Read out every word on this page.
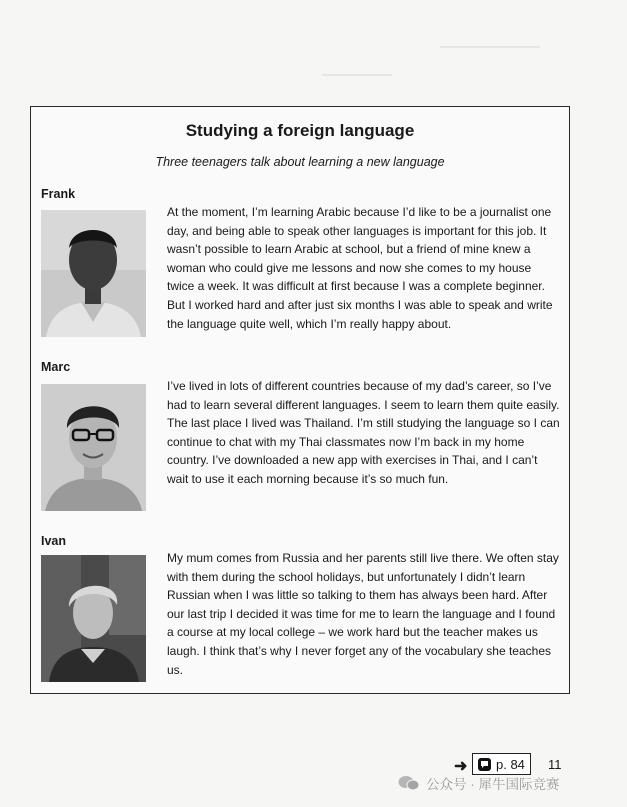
Studying a foreign language
Three teenagers talk about learning a new language
Frank

At the moment, I’m learning Arabic because I’d like to be a journalist one day, and being able to speak other languages is important for this job. It wasn’t possible to learn Arabic at school, but a friend of mine knew a woman who could give me lessons and now she comes to my house twice a week. It was difficult at first because I was a complete beginner. But I worked hard and after just six months I was able to speak and write the language quite well, which I’m really happy about.

Marc

I’ve lived in lots of different countries because of my dad’s career, so I’ve had to learn several different languages. I seem to learn them quite easily. The last place I lived was Thailand. I’m still studying the language so I can continue to chat with my Thai classmates now I’m back in my home country. I’ve downloaded a new app with exercises in Thai, and I can’t wait to use it each morning because it’s so much fun.

Ivan

My mum comes from Russia and her parents still live there. We often stay with them during the school holidays, but unfortunately I didn’t learn Russian when I was little so talking to them has always been hard. After our last trip I decided it was time for me to learn the language and I found a course at my local college – we work hard but the teacher makes us laugh. I think that’s why I never forget any of the vocabulary she teaches us.

➜ p. 84 11
公众号 · 犀牛国际竞赛
